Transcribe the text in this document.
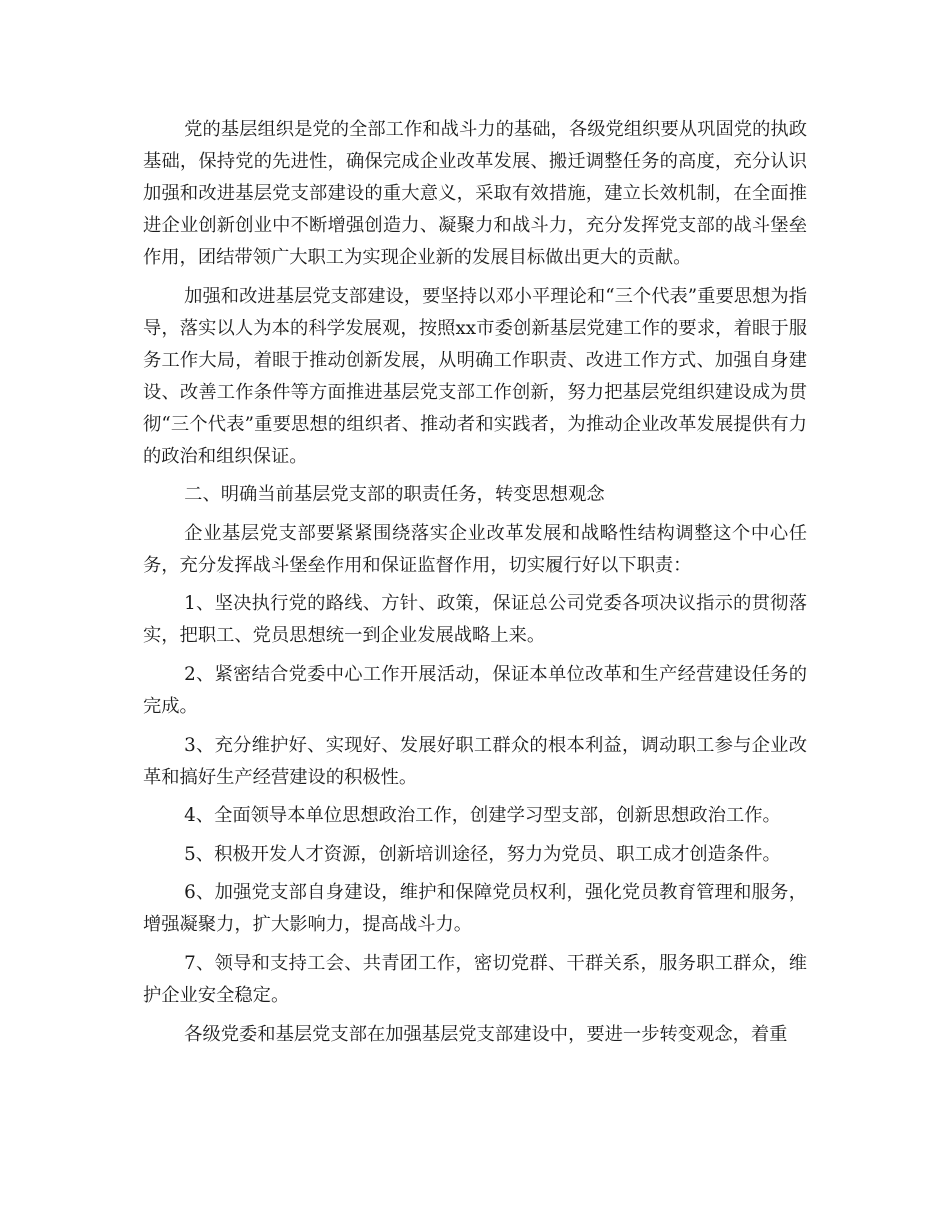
党的基层组织是党的全部工作和战斗力的基础，各级党组织要从巩固党的执政基础，保持党的先进性，确保完成企业改革发展、搬迁调整任务的高度，充分认识加强和改进基层党支部建设的重大意义，采取有效措施，建立长效机制，在全面推进企业创新创业中不断增强创造力、凝聚力和战斗力，充分发挥党支部的战斗堡垒作用，团结带领广大职工为实现企业新的发展目标做出更大的贡献。

加强和改进基层党支部建设，要坚持以邓小平理论和“三个代表”重要思想为指导，落实以人为本的科学发展观，按照xx市委创新基层党建工作的要求，着眼于服务工作大局，着眼于推动创新发展，从明确工作职责、改进工作方式、加强自身建设、改善工作条件等方面推进基层党支部工作创新，努力把基层党组织建设成为贯彻“三个代表”重要思想的组织者、推动者和实践者，为推动企业改革发展提供有力的政治和组织保证。

二、明确当前基层党支部的职责任务，转变思想观念

企业基层党支部要紧紧围绕落实企业改革发展和战略性结构调整这个中心任务，充分发挥战斗堡垒作用和保证监督作用，切实履行好以下职责：

1、坚决执行党的路线、方针、政策，保证总公司党委各项决议指示的贯彻落实，把职工、党员思想统一到企业发展战略上来。

2、紧密结合党委中心工作开展活动，保证本单位改革和生产经营建设任务的完成。

3、充分维护好、实现好、发展好职工群众的根本利益，调动职工参与企业改革和搞好生产经营建设的积极性。

4、全面领导本单位思想政治工作，创建学习型支部，创新思想政治工作。

5、积极开发人才资源，创新培训途径，努力为党员、职工成才创造条件。

6、加强党支部自身建设，维护和保障党员权利，强化党员教育管理和服务，增强凝聚力，扩大影响力，提高战斗力。

7、领导和支持工会、共青团工作，密切党群、干群关系，服务职工群众，维护企业安全稳定。

各级党委和基层党支部在加强基层党支部建设中，要进一步转变观念，着重
